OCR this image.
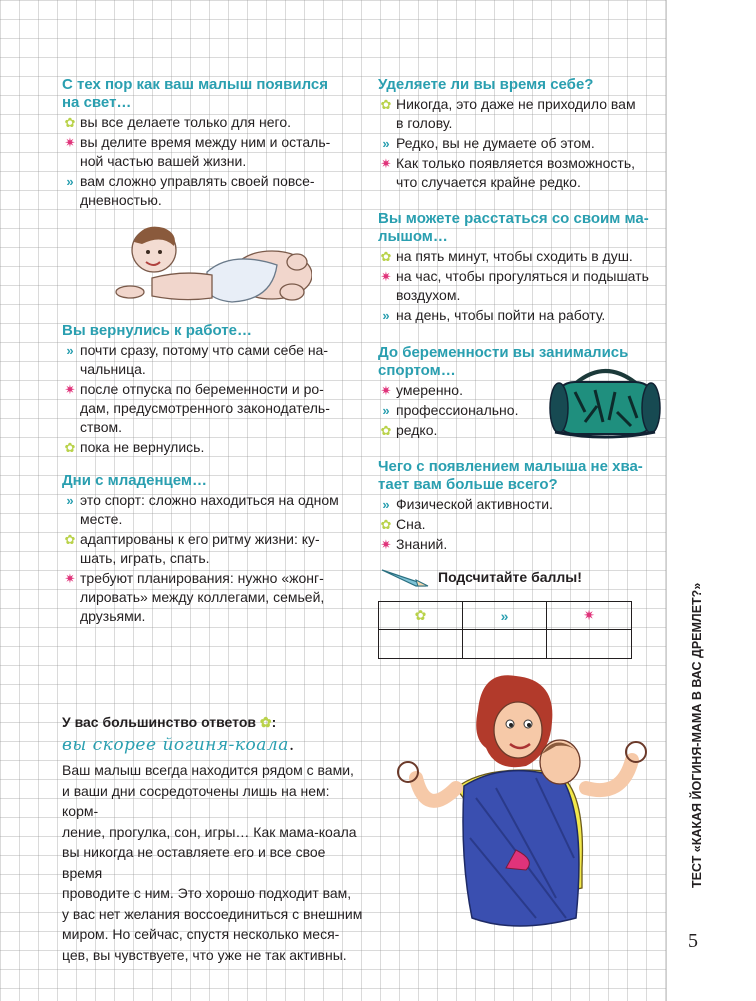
ТЕСТ «КАКАЯ ЙОГИНЯ-МАМА В ВАС ДРЕМЛЕТ?»
5
С тех пор как ваш малыш появился
на свет…
✿ вы все делаете только для него.
✷ вы делите время между ним и осталь-
ной частью вашей жизни.
» вам сложно управлять своей повсе-
дневностью.
Вы вернулись к работе…
» почти сразу, потому что сами себе на-
чальница.
✷ после отпуска по беременности и ро-
дам, предусмотренного законодатель-
ством.
✿ пока не вернулись.
Дни с младенцем…
» это спорт: сложно находиться на одном
месте.
✿ адаптированы к его ритму жизни: ку-
шать, играть, спать.
✷ требуют планирования: нужно «жонг-
лировать» между коллегами, семьей,
друзьями.
Уделяете ли вы время себе?
✿ Никогда, это даже не приходило вам
в голову.
» Редко, вы не думаете об этом.
✷ Как только появляется возможность,
что случается крайне редко.
Вы можете расстаться со своим ма-
лышом…
✿ на пять минут, чтобы сходить в душ.
✷ на час, чтобы прогуляться и подышать
воздухом.
» на день, чтобы пойти на работу.
До беременности вы занимались
спортом…
✷ умеренно.
» профессионально.
✿ редко.
Чего с появлением малыша не хва-
тает вам больше всего?
» Физической активности.
✿ Сна.
✷ Знаний.
Подсчитайте баллы!
✿	»	✷
У вас большинство ответов ✿:
вы скорее йогиня-коала.
Ваш малыш всегда находится рядом с вами,
и ваши дни сосредоточены лишь на нем: корм-
ление, прогулка, сон, игры… Как мама-коала
вы никогда не оставляете его и все свое время
проводите с ним. Это хорошо подходит вам,
у вас нет желания воссоединиться с внешним
миром. Но сейчас, спустя несколько меся-
цев, вы чувствуете, что уже не так активны.
